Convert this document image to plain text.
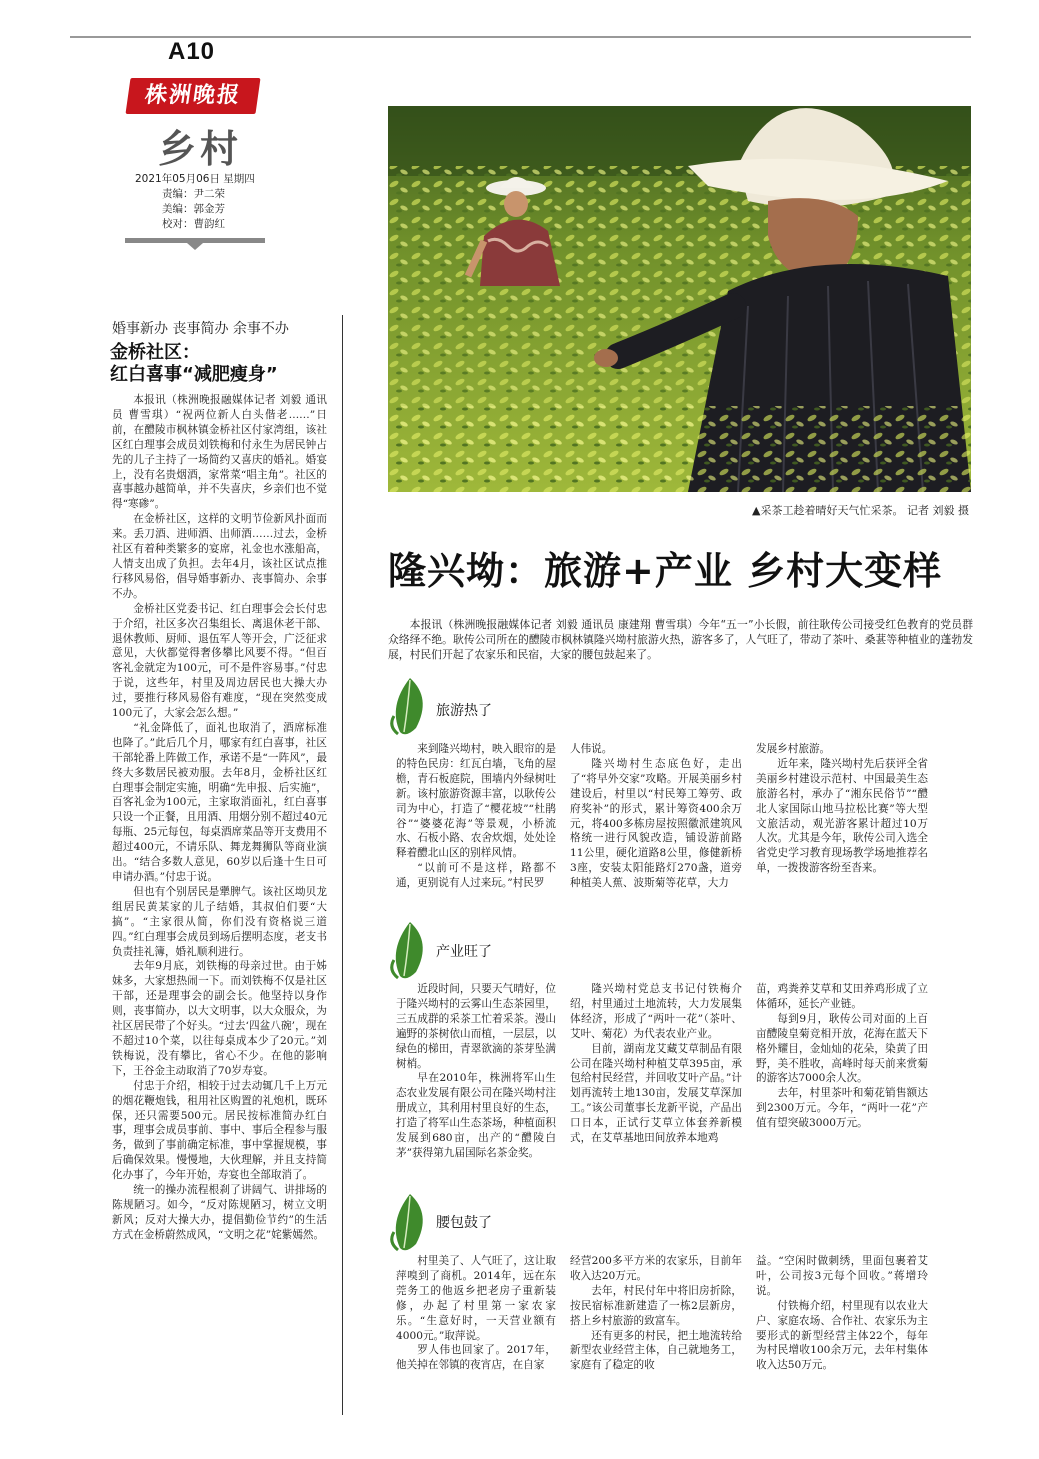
A10
株洲晚报
乡村
2021年05月06日 星期四
责编：尹二荣
美编：郭金芳
校对：曹韵红
婚事新办 丧事简办 余事不办
金桥社区：
红白喜事“减肥瘦身”

本报讯（株洲晚报融媒体记者 刘毅 通讯员 曹雪琪）“祝两位新人白头偕老……”日前，在醴陵市枫林镇金桥社区付家湾组，该社区红白理事会成员刘铁梅和付永生为居民钟占先的儿子主持了一场简约又喜庆的婚礼。婚宴上，没有名贵烟酒，家常菜“唱主角”。社区的喜事越办越简单，并不失喜庆，乡亲们也不觉得“寒碜”。

在金桥社区，这样的文明节俭新风扑面而来。丢刀酒、进师酒、出师酒……过去，金桥社区有着种类繁多的宴席，礼金也水涨船高，人情支出成了负担。去年4月，该社区试点推行移风易俗，倡导婚事新办、丧事简办、余事不办。

金桥社区党委书记、红白理事会会长付忠于介绍，社区多次召集组长、离退休老干部、退休教师、厨师、退伍军人等开会，广泛征求意见，大伙都觉得奢侈攀比风要不得。“但百客礼金就定为100元，可不是件容易事。”付忠于说，这些年，村里及周边居民也大操大办过，要推行移风易俗有难度，“现在突然变成100元了，大家会怎么想。”

“礼金降低了，面礼也取消了，酒席标准也降了。”此后几个月，哪家有红白喜事，社区干部轮番上阵做工作，承诺不是“一阵风”，最终大多数居民被劝服。去年8月，金桥社区红白理事会制定实施，明确“先申报、后实施”，百客礼金为100元，主家取消面礼，红白喜事只设一个正餐，且用酒、用烟分别不超过40元每瓶、25元每包，每桌酒席菜品等开支费用不超过400元，不请乐队、舞龙舞狮队等商业演出。“结合多数人意见，60岁以后逢十生日可申请办酒。”付忠于说。

但也有个别居民是犟脾气。该社区坳贝龙组居民黄某家的儿子结婚，其叔伯们要“大搞”。“主家很从简，你们没有资格说三道四。”红白理事会成员到场后摆明态度，老支书负责挂礼簿，婚礼顺利进行。

去年9月底，刘铁梅的母亲过世。由于姊妹多，大家想热闹一下。而刘铁梅不仅是社区干部，还是理事会的副会长。他坚持以身作则，丧事简办，以大文明事，以大众服众，为社区居民带了个好头。“过去‘四盆八碗’，现在不超过10个菜，以往每桌成本少了20元。”刘铁梅说，没有攀比，省心不少。在他的影响下，王谷金主动取消了70岁寿宴。

付忠于介绍，相较于过去动辄几千上万元的烟花鞭炮钱，租用社区购置的礼炮机，既环保，还只需要500元。居民按标准简办红白事，理事会成员事前、事中、事后全程参与服务，做到了事前确定标准，事中掌握规模，事后确保效果。慢慢地，大伙理解，并且支持简化办事了，今年开始，寿宴也全部取消了。

统一的操办流程根刹了讲阔气、讲排场的陈规陋习。如今，“反对陈规陋习，树立文明新风；反对大操大办，提倡勤俭节约”的生活方式在金桥蔚然成风，“文明之花”姹紫嫣然。

▲采茶工趁着晴好天气忙采茶。 记者 刘毅 摄
隆兴坳：旅游+产业 乡村大变样
本报讯（株洲晚报融媒体记者 刘毅 通讯员 康建翔 曹雪琪）今年“五一”小长假，前往耿传公司接受红色教育的党员群众络绎不绝。耿传公司所在的醴陵市枫林镇隆兴坳村旅游火热，游客多了，人气旺了，带动了茶叶、桑葚等种植业的蓬勃发展，村民们开起了农家乐和民宿，大家的腰包鼓起来了。
旅游热了

来到隆兴坳村，映入眼帘的是的特色民房：红瓦白墙，飞角的屋檐，青石板庭院，围墙内外绿树吐新。该村旅游资源丰富，以耿传公司为中心，打造了“樱花坡”“杜鹃谷”“婆婆花海”等景观，小桥流水、石板小路、农舍炊烟，处处诠释着醴北山区的别样风情。

“以前可不是这样，路都不通，更别说有人过来玩。”村民罗

人伟说。

隆兴坳村生态底色好，走出了“将早外交家”攻略。开展美丽乡村建设后，村里以“村民筹工筹劳、政府奖补”的形式，累计筹资400余万元，将400多栋房屋按照徽派建筑风格统一进行风貌改造，铺设游前路11公里，硬化道路8公里，修健新桥3座，安装太阳能路灯270盏，道旁种植美人蕉、波斯菊等花草，大力

发展乡村旅游。

近年来，隆兴坳村先后获评全省美丽乡村建设示范村、中国最美生态旅游名村，承办了“湘东民俗节”“醴北人家国际山地马拉松比赛”等大型文旅活动，观光游客累计超过10万人次。尤其是今年，耿传公司入选全省党史学习教育现场教学场地推荐名单，一拨拨游客纷至沓来。

产业旺了

近段时间，只要天气晴好，位于隆兴坳村的云雾山生态茶园里，三五成群的采茶工忙着采茶。漫山遍野的茶树依山而植，一层层，以绿色的梯田，青翠欲滴的茶芽坠满树梢。

早在2010年，株洲将军山生态农业发展有限公司在隆兴坳村注册成立，其利用村里良好的生态，打造了将军山生态茶场，种植面积发展到680亩，出产的“醴陵白茅”获得第九届国际名茶金奖。

隆兴坳村党总支书记付铁梅介绍，村里通过土地流转，大力发展集体经济，形成了“两叶一花”（茶叶、艾叶、菊花）为代表农业产业。

目前，湖南龙艾藏艾草制品有限公司在隆兴坳村种植艾草395亩，承包给村民经营，并回收艾叶产品。”计划再流转土地130亩，发展艾草深加工。”该公司董事长龙新平说，产品出口日本，正试行艾草立体套养新模式，在艾草基地田间放养本地鸡

苗，鸡粪养艾草和艾田养鸡形成了立体循环，延长产业链。

每到9月，耿传公司对面的上百亩醴陵皇菊竞相开放，花海在蓝天下格外耀目，金灿灿的花朵，染黄了田野，美不胜收，高峰时每天前来赏菊的游客达7000余人次。

去年，村里茶叶和菊花销售额达到2300万元。今年，“两叶一花”产值有望突破3000万元。

腰包鼓了

村里美了、人气旺了，这让取萍嗅到了商机。2014年，远在东莞务工的他返乡把老房子重新装修，办起了村里第一家农家乐。“生意好时，一天营业额有4000元。”取萍说。

罗人伟也回家了。2017年，他关掉在邻镇的夜宵店，在自家

经营200多平方米的农家乐，目前年收入达20万元。

去年，村民付年中将旧房折除，按民宿标准新建造了一栋2层新房，搭上乡村旅游的致富车。

还有更多的村民，把土地流转给新型农业经营主体，自己就地务工，家庭有了稳定的收

益。“空闲时做刺绣，里面包裹着艾叶，公司按3元每个回收。”蒋增玲说。

付铁梅介绍，村里现有以农业大户、家庭农场、合作社、农家乐为主要形式的新型经营主体22个，每年为村民增收100余万元，去年村集体收入达50万元。
